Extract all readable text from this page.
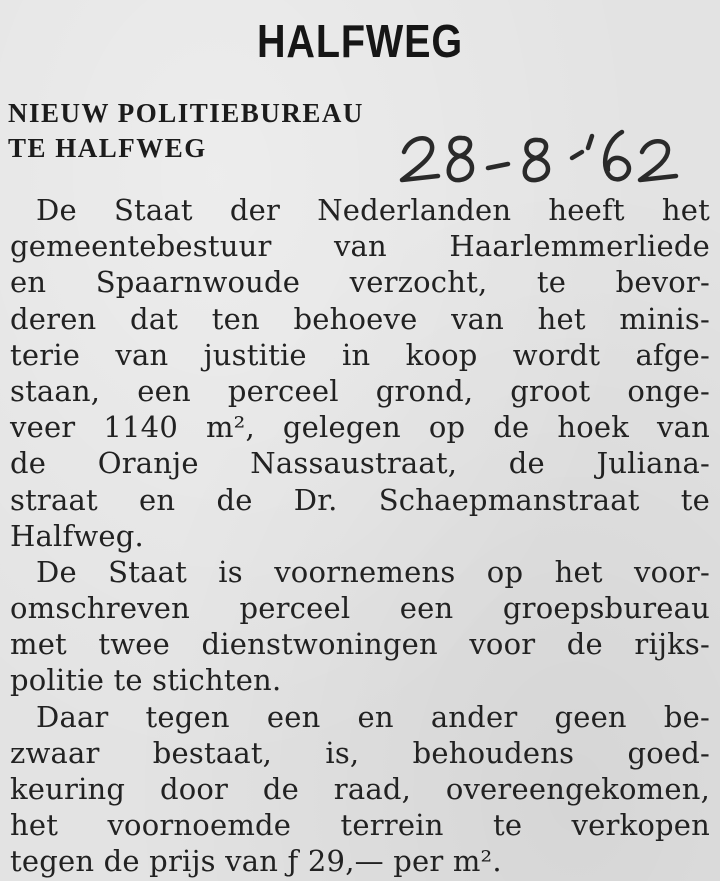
HALFWEG
NIEUW POLITIEBUREAU
TE HALFWEG
De Staat der Nederlanden heeft het
gemeentebestuur van Haarlemmerliede
en Spaarnwoude verzocht, te bevor-
deren dat ten behoeve van het minis-
terie van justitie in koop wordt afge-
staan, een perceel grond, groot onge-
veer 1140 m², gelegen op de hoek van
de Oranje Nassaustraat, de Juliana-
straat en de Dr. Schaepmanstraat te
Halfweg.
De Staat is voornemens op het voor-
omschreven perceel een groepsbureau
met twee dienstwoningen voor de rijks-
politie te stichten.
Daar tegen een en ander geen be-
zwaar bestaat, is, behoudens goed-
keuring door de raad, overeengekomen,
het voornoemde terrein te verkopen
tegen de prijs van ƒ 29,— per m².
